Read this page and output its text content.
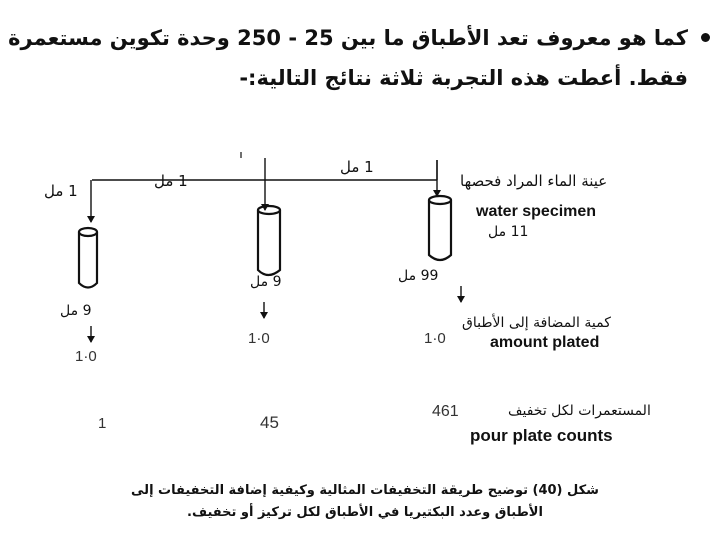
كما هو معروف تعد الأطباق ما بين 25 - 250 وحدة تكوين مستعمرة فقط. أعطت هذه التجربة ثلاثة نتائج التالية:-
1 مل
1 مل
1 مل
عينة الماء المراد فحصها
water specimen
11 مل
9 مل
9 مل	99 مل
كمية المضافة إلى الأطباق
amount plated
1·0
1·0	1·0
المستعمرات لكل تخفيف
pour plate counts
1	45
461
شكل (40) توضيح طريقة التخفيفات المثالية وكيفية إضافة التخفيفات إلى الأطباق وعدد البكتيريا في الأطباق لكل تركيز أو تخفيف.
